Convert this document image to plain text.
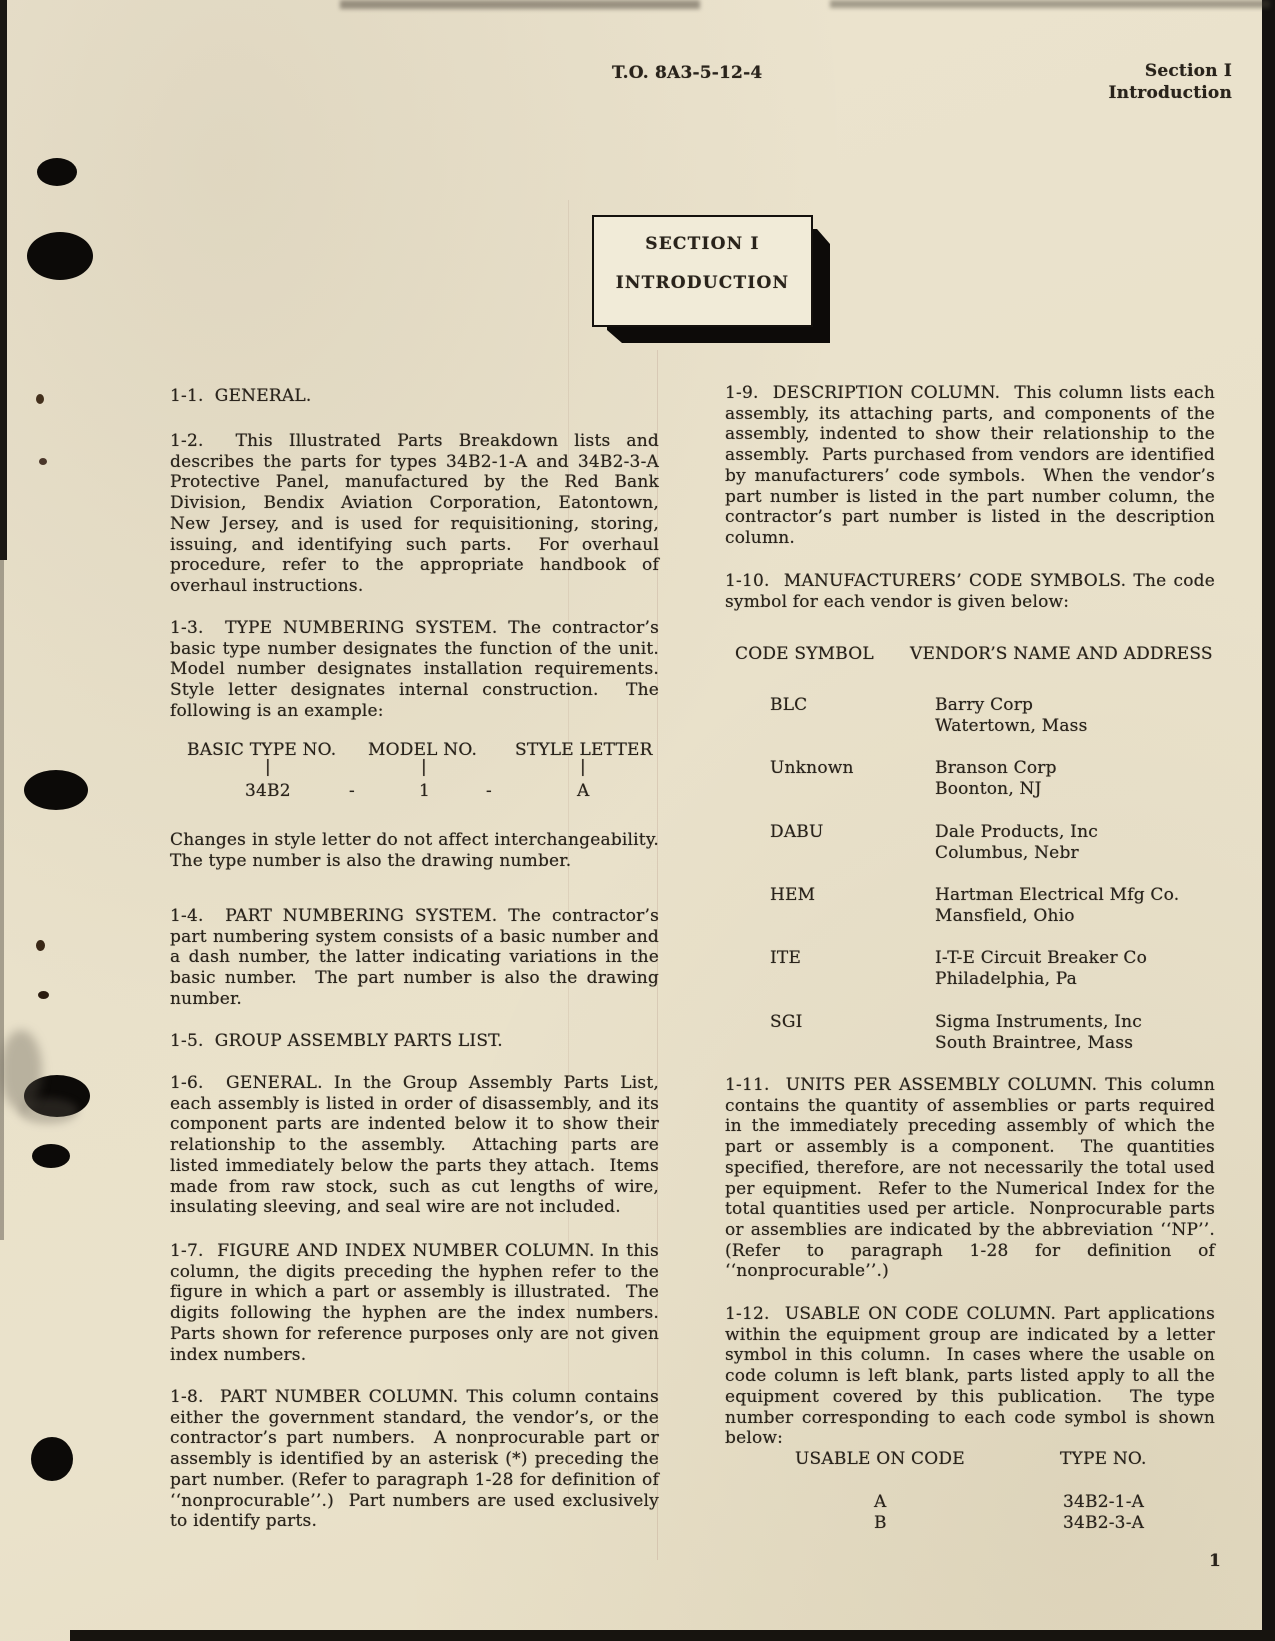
T.O. 8A3-5-12-4	Section I
Introduction
SECTION I
INTRODUCTION
1-1.  GENERAL.
1-2.  This Illustrated Parts Breakdown lists and describes the parts for types 34B2-1-A and 34B2-3-A Protective Panel, manufactured by the Red Bank Division, Bendix Aviation Corporation, Eatontown, New Jersey, and is used for requisitioning, storing, issuing, and identifying such parts.  For overhaul procedure, refer to the appropriate handbook of overhaul instructions.
1-3.  TYPE NUMBERING SYSTEM. The contractor’s basic type number designates the function of the unit. Model number designates installation requirements. Style letter designates internal construction.  The following is an example:
BASIC TYPE NO. MODEL NO. STYLE LETTER
|	|	|
34B2	-	1	-	A
Changes in style letter do not affect interchangeability. The type number is also the drawing number.
1-4.  PART NUMBERING SYSTEM. The contractor’s part numbering system consists of a basic number and a dash number, the latter indicating variations in the basic number.  The part number is also the drawing number.
1-5.  GROUP ASSEMBLY PARTS LIST.
1-6.  GENERAL. In the Group Assembly Parts List, each assembly is listed in order of disassembly, and its component parts are indented below it to show their relationship to the assembly.  Attaching parts are listed immediately below the parts they attach.  Items made from raw stock, such as cut lengths of wire, insulating sleeving, and seal wire are not included.
1-7.  FIGURE AND INDEX NUMBER COLUMN. In this column, the digits preceding the hyphen refer to the figure in which a part or assembly is illustrated.  The digits following the hyphen are the index numbers. Parts shown for reference purposes only are not given index numbers.
1-8.  PART NUMBER COLUMN. This column contains either the government standard, the vendor’s, or the contractor’s part numbers.  A nonprocurable part or assembly is identified by an asterisk (*) preceding the part number. (Refer to paragraph 1-28 for definition of ‘‘nonprocurable’’.)  Part numbers are used exclusively to identify parts.
1-9.  DESCRIPTION COLUMN.  This column lists each assembly, its attaching parts, and components of the assembly, indented to show their relationship to the assembly.  Parts purchased from vendors are identified by manufacturers’ code symbols.  When the vendor’s part number is listed in the part number column, the contractor’s part number is listed in the description column.
1-10.  MANUFACTURERS’ CODE SYMBOLS. The code symbol for each vendor is given below:
CODE SYMBOL VENDOR’S NAME AND ADDRESS
BLC	Barry Corp
Watertown, Mass
Unknown	Branson Corp
Boonton, NJ
DABU	Dale Products, Inc
Columbus, Nebr
HEM	Hartman Electrical Mfg Co.
Mansfield, Ohio
ITE	I-T-E Circuit Breaker Co
Philadelphia, Pa
SGI	Sigma Instruments, Inc
South Braintree, Mass
1-11.  UNITS PER ASSEMBLY COLUMN. This column contains the quantity of assemblies or parts required in the immediately preceding assembly of which the part or assembly is a component.  The quantities specified, therefore, are not necessarily the total used per equipment.  Refer to the Numerical Index for the total quantities used per article.  Nonprocurable parts or assemblies are indicated by the abbreviation ‘‘NP’’. (Refer to paragraph 1-28 for definition of ‘‘nonprocurable’’.)
1-12.  USABLE ON CODE COLUMN. Part applications within the equipment group are indicated by a letter symbol in this column.  In cases where the usable on code column is left blank, parts listed apply to all the equipment covered by this publication.  The type number corresponding to each code symbol is shown below:
USABLE ON CODE	TYPE NO.
A	34B2-1-A
B	34B2-3-A
1
